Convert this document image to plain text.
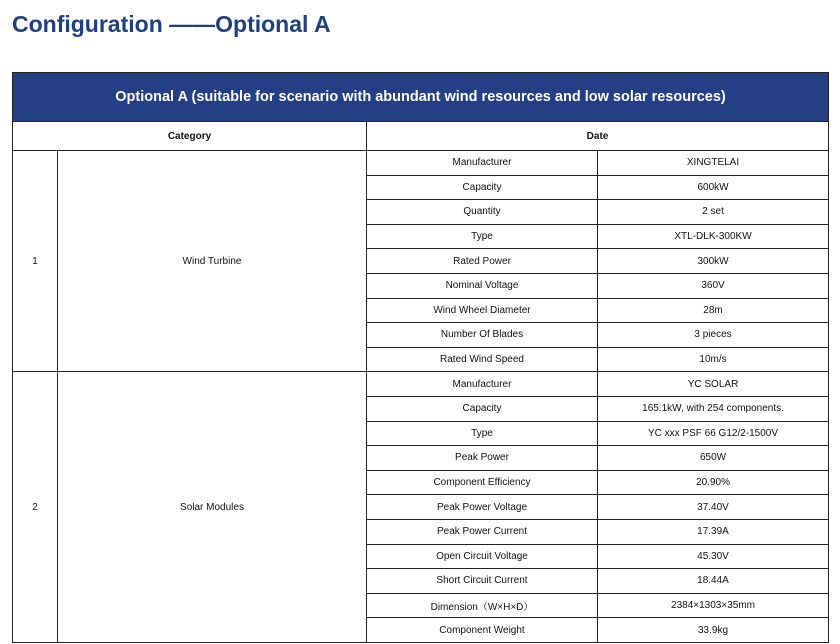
Configuration ——Optional A
Optional A (suitable for scenario with abundant wind resources and low solar resources)			
Category		Date	
1	Wind Turbine	Manufacturer	XINGTELAI
		Capacity	600kW
		Quantity	2 set
		Type	XTL-DLK-300KW
		Rated Power	300kW
		Nominal Voltage	360V
		Wind Wheel Diameter	28m
		Number Of Blades	3 pieces
		Rated Wind Speed	10m/s
2	Solar Modules	Manufacturer	YC SOLAR
		Capacity	165.1kW, with 254 components.
		Type	YC xxx PSF 66 G12/2-1500V
		Peak Power	650W
		Component Efficiency	20.90%
		Peak Power Voltage	37.40V
		Peak Power Current	17.39A
		Open Circuit Voltage	45.30V
		Short Circuit Current	18.44A
		Dimension（W×H×D）	2384×1303×35mm
		Component Weight	33.9kg
